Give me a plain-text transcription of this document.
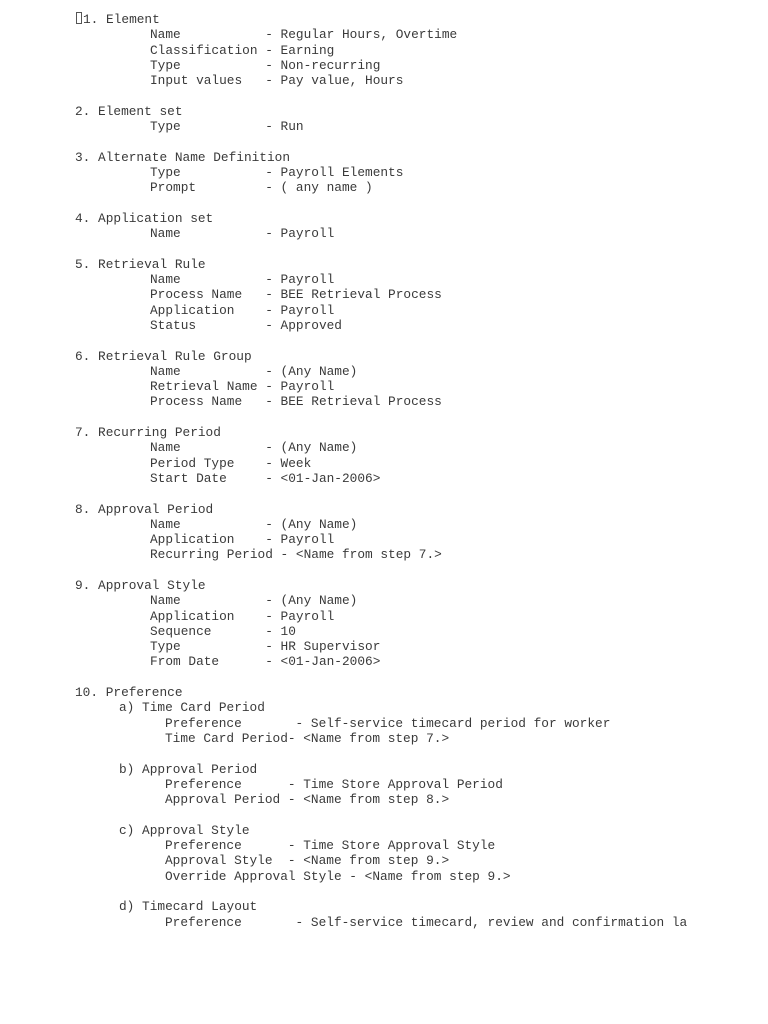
1. Element
Name           - Regular Hours, Overtime
Classification - Earning
Type           - Non-recurring
Input values   - Pay value, Hours
2. Element set
Type           - Run
3. Alternate Name Definition
Type           - Payroll Elements
Prompt         - ( any name )
4. Application set
Name           - Payroll
5. Retrieval Rule
Name           - Payroll
Process Name   - BEE Retrieval Process
Application    - Payroll
Status         - Approved
6. Retrieval Rule Group
Name           - (Any Name)
Retrieval Name - Payroll
Process Name   - BEE Retrieval Process
7. Recurring Period
Name           - (Any Name)
Period Type    - Week
Start Date     - <01-Jan-2006>
8. Approval Period
Name           - (Any Name)
Application    - Payroll
Recurring Period - <Name from step 7.>
9. Approval Style
Name           - (Any Name)
Application    - Payroll
Sequence       - 10
Type           - HR Supervisor
From Date      - <01-Jan-2006>
10. Preference
a) Time Card Period
Preference       - Self-service timecard period for worker
Time Card Period- <Name from step 7.>
b) Approval Period
Preference      - Time Store Approval Period
Approval Period - <Name from step 8.>
c) Approval Style
Preference      - Time Store Approval Style
Approval Style  - <Name from step 9.>
Override Approval Style - <Name from step 9.>
d) Timecard Layout
Preference       - Self-service timecard, review and confirmation la
